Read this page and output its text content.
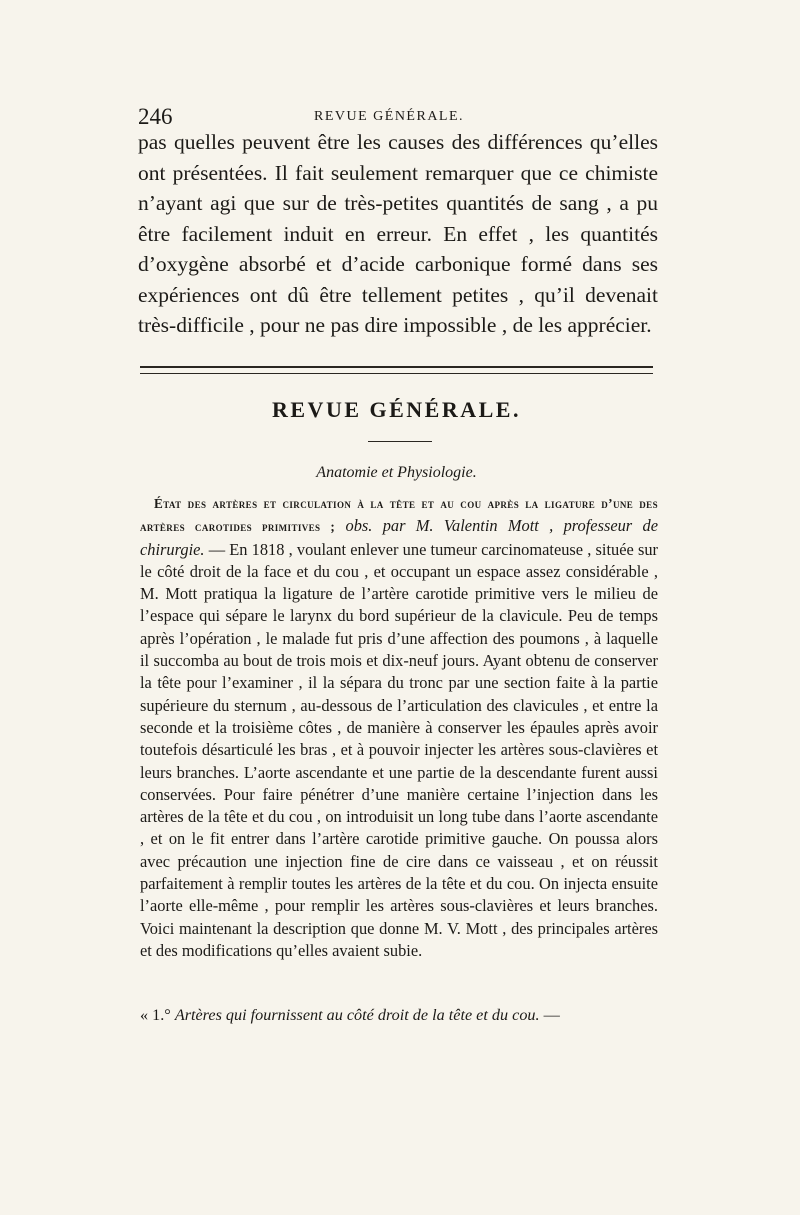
246	REVUE GÉNÉRALE.

pas quelles peuvent être les causes des différences qu’elles ont présentées. Il fait seulement remarquer que ce chimiste n’ayant agi que sur de très-petites quantités de sang , a pu être facilement induit en erreur. En effet , les quantités d’oxygène absorbé et d’acide carbonique formé dans ses expériences ont dû être tellement petites , qu’il devenait très-difficile , pour ne pas dire impossible , de les apprécier.

REVUE GÉNÉRALE.
Anatomie et Physiologie.

État des artères et circulation à la tête et au cou après la ligature d’une des artères carotides primitives ; obs. par M. Valentin Mott , professeur de chirurgie. — En 1818 , voulant enlever une tumeur carcinomateuse , située sur le côté droit de la face et du cou , et occupant un espace assez considérable , M. Mott pratiqua la ligature de l’artère carotide primitive vers le milieu de l’espace qui sépare le larynx du bord supérieur de la clavicule. Peu de temps après l’opération , le malade fut pris d’une affection des poumons , à laquelle il succomba au bout de trois mois et dix-neuf jours. Ayant obtenu de conserver la tête pour l’examiner , il la sépara du tronc par une section faite à la partie supérieure du sternum , au-dessous de l’articulation des clavicules , et entre la seconde et la troisième côtes , de manière à conserver les épaules après avoir toutefois désarticulé les bras , et à pouvoir injecter les artères sous-clavières et leurs branches. L’aorte ascendante et une partie de la descendante furent aussi conservées. Pour faire pénétrer d’une manière certaine l’injection dans les artères de la tête et du cou , on introduisit un long tube dans l’aorte ascendante , et on le fit entrer dans l’artère carotide primitive gauche. On poussa alors avec précaution une injection fine de cire dans ce vaisseau , et on réussit parfaitement à remplir toutes les artères de la tête et du cou. On injecta ensuite l’aorte elle-même , pour remplir les artères sous-clavières et leurs branches. Voici maintenant la description que donne M. V. Mott , des principales artères et des modifications qu’elles avaient subie.

« 1.° Artères qui fournissent au côté droit de la tête et du cou. —
